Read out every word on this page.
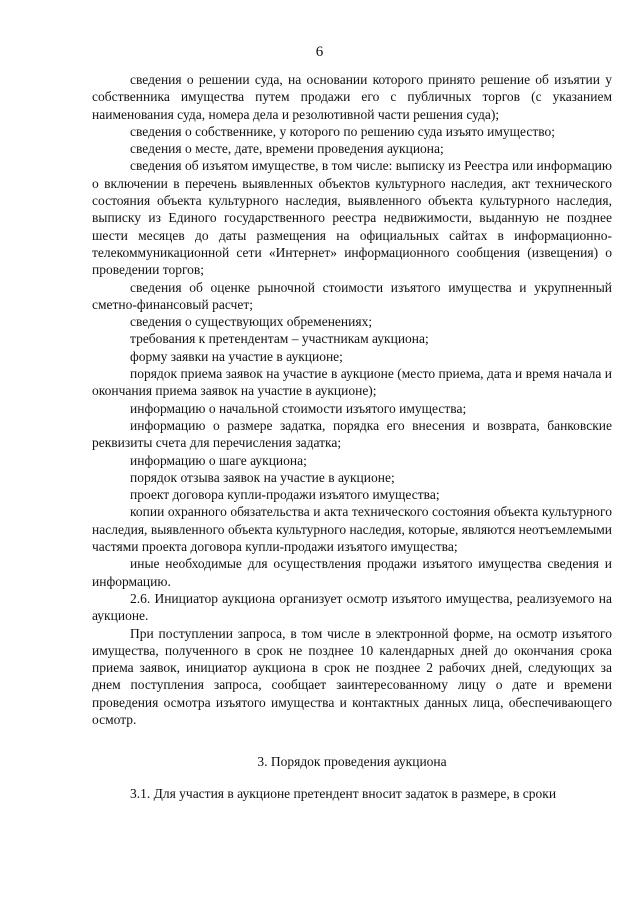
6

сведения о решении суда, на основании которого принято решение об изъятии у собственника имущества путем продажи его с публичных торгов (с указанием наименования суда, номера дела и резолютивной части решения суда);

сведения о собственнике, у которого по решению суда изъято имущество;

сведения о месте, дате, времени проведения аукциона;

сведения об изъятом имуществе, в том числе: выписку из Реестра или информацию о включении в перечень выявленных объектов культурного наследия, акт технического состояния объекта культурного наследия, выявленного объекта культурного наследия, выписку из Единого государственного реестра недвижимости, выданную не позднее шести месяцев до даты размещения на официальных сайтах в информационно-телекоммуникационной сети «Интернет» информационного сообщения (извещения) о проведении торгов;

сведения об оценке рыночной стоимости изъятого имущества и укрупненный сметно-финансовый расчет;

сведения о существующих обременениях;

требования к претендентам – участникам аукциона;

форму заявки на участие в аукционе;

порядок приема заявок на участие в аукционе (место приема, дата и время начала и окончания приема заявок на участие в аукционе);

информацию о начальной стоимости изъятого имущества;

информацию о размере задатка, порядка его внесения и возврата, банковские реквизиты счета для перечисления задатка;

информацию о шаге аукциона;

порядок отзыва заявок на участие в аукционе;

проект договора купли-продажи изъятого имущества;

копии охранного обязательства и акта технического состояния объекта культурного наследия, выявленного объекта культурного наследия, которые, являются неотъемлемыми частями проекта договора купли-продажи изъятого имущества;

иные необходимые для осуществления продажи изъятого имущества сведения и информацию.

2.6. Инициатор аукциона организует осмотр изъятого имущества, реализуемого на аукционе.

При поступлении запроса, в том числе в электронной форме, на осмотр изъятого имущества, полученного в срок не позднее 10 календарных дней до окончания срока приема заявок, инициатор аукциона в срок не позднее 2 рабочих дней, следующих за днем поступления запроса, сообщает заинтересованному лицу о дате и времени проведения осмотра изъятого имущества и контактных данных лица, обеспечивающего осмотр.

3. Порядок проведения аукциона

3.1. Для участия в аукционе претендент вносит задаток в размере, в сроки
